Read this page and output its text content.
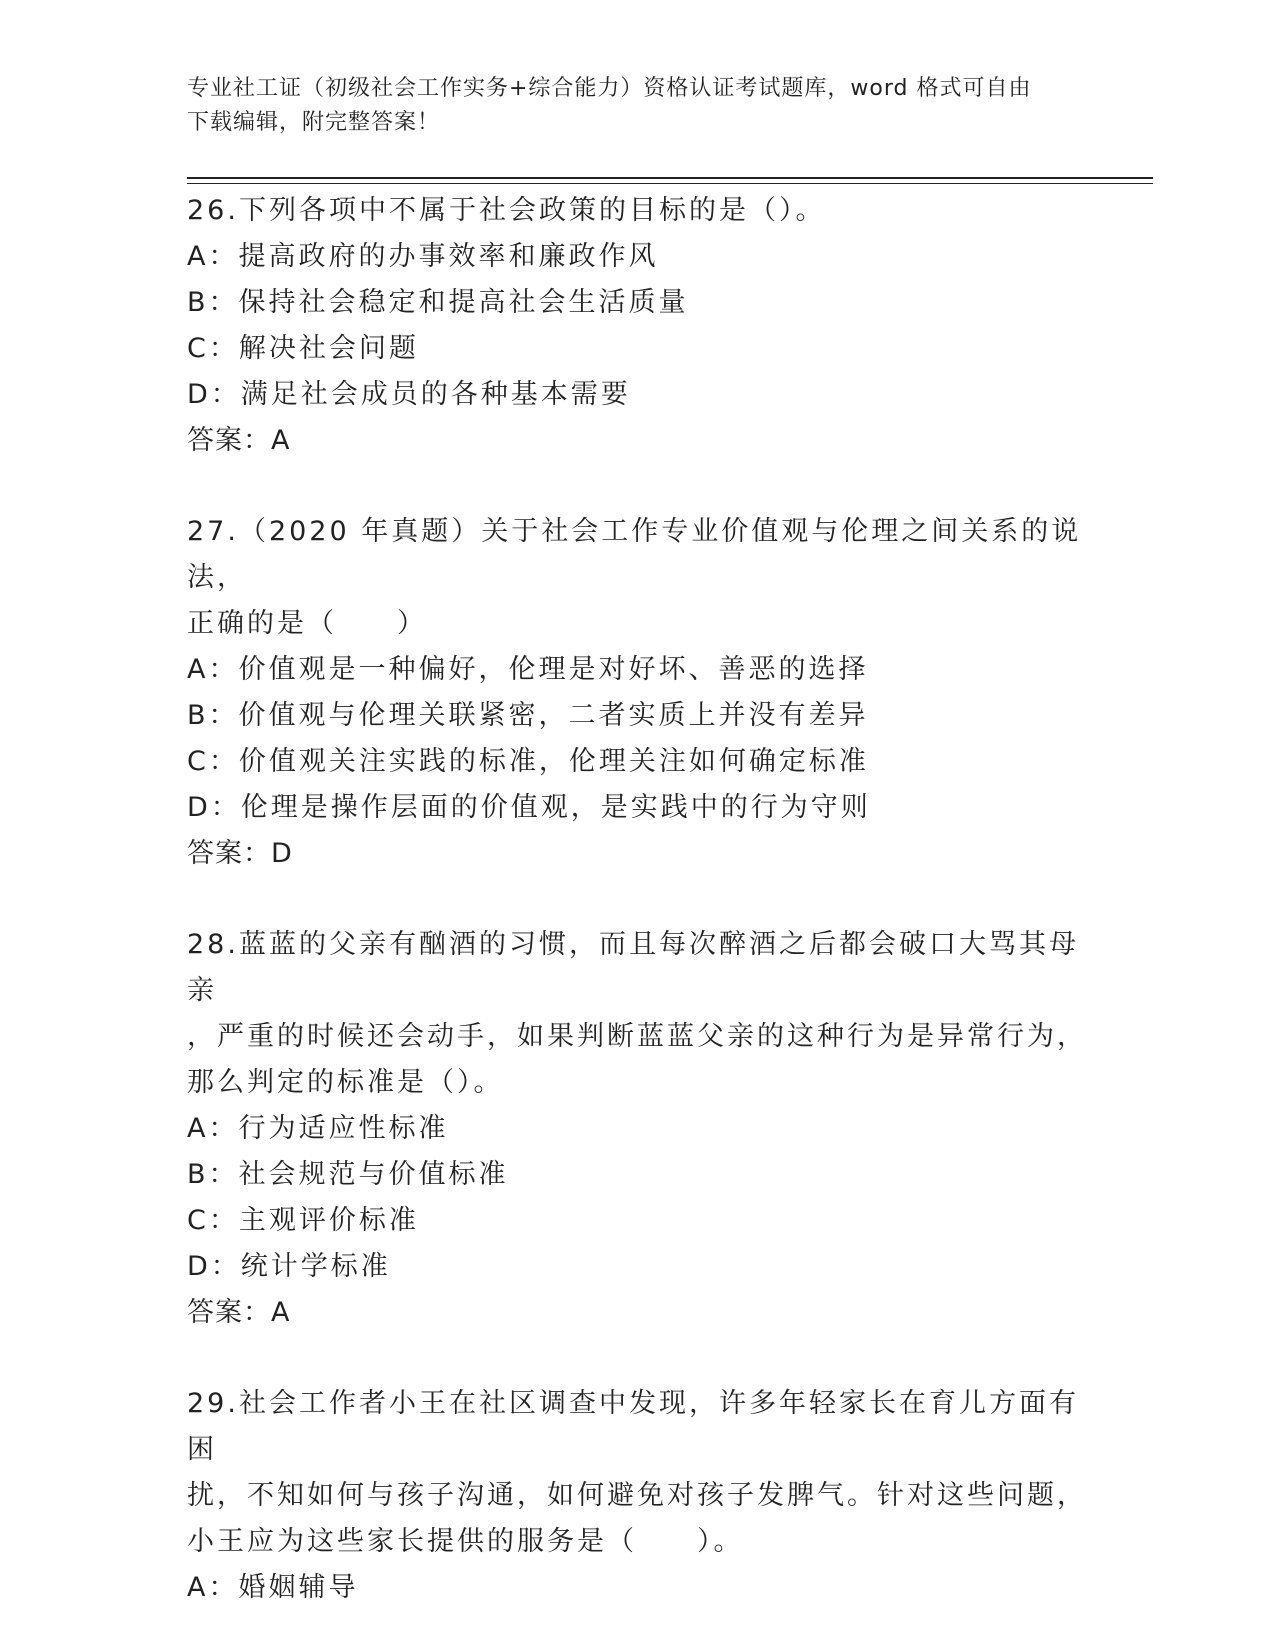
专业社工证（初级社会工作实务+综合能力）资格认证考试题库，word 格式可自由
下载编辑，附完整答案！

26.下列各项中不属于社会政策的目标的是（）。

A：提高政府的办事效率和廉政作风

B：保持社会稳定和提高社会生活质量

C：解决社会问题

D：满足社会成员的各种基本需要

答案：A

27.（2020 年真题）关于社会工作专业价值观与伦理之间关系的说法，

正确的是（　　）

A：价值观是一种偏好，伦理是对好坏、善恶的选择

B：价值观与伦理关联紧密，二者实质上并没有差异

C：价值观关注实践的标准，伦理关注如何确定标准

D：伦理是操作层面的价值观，是实践中的行为守则

答案：D

28.蓝蓝的父亲有酗酒的习惯，而且每次醉酒之后都会破口大骂其母亲

，严重的时候还会动手，如果判断蓝蓝父亲的这种行为是异常行为，

那么判定的标准是（）。

A：行为适应性标准

B：社会规范与价值标准

C：主观评价标准

D：统计学标准

答案：A

29.社会工作者小王在社区调查中发现，许多年轻家长在育儿方面有困

扰，不知如何与孩子沟通，如何避免对孩子发脾气。针对这些问题，

小王应为这些家长提供的服务是（　　）。

A：婚姻辅导
